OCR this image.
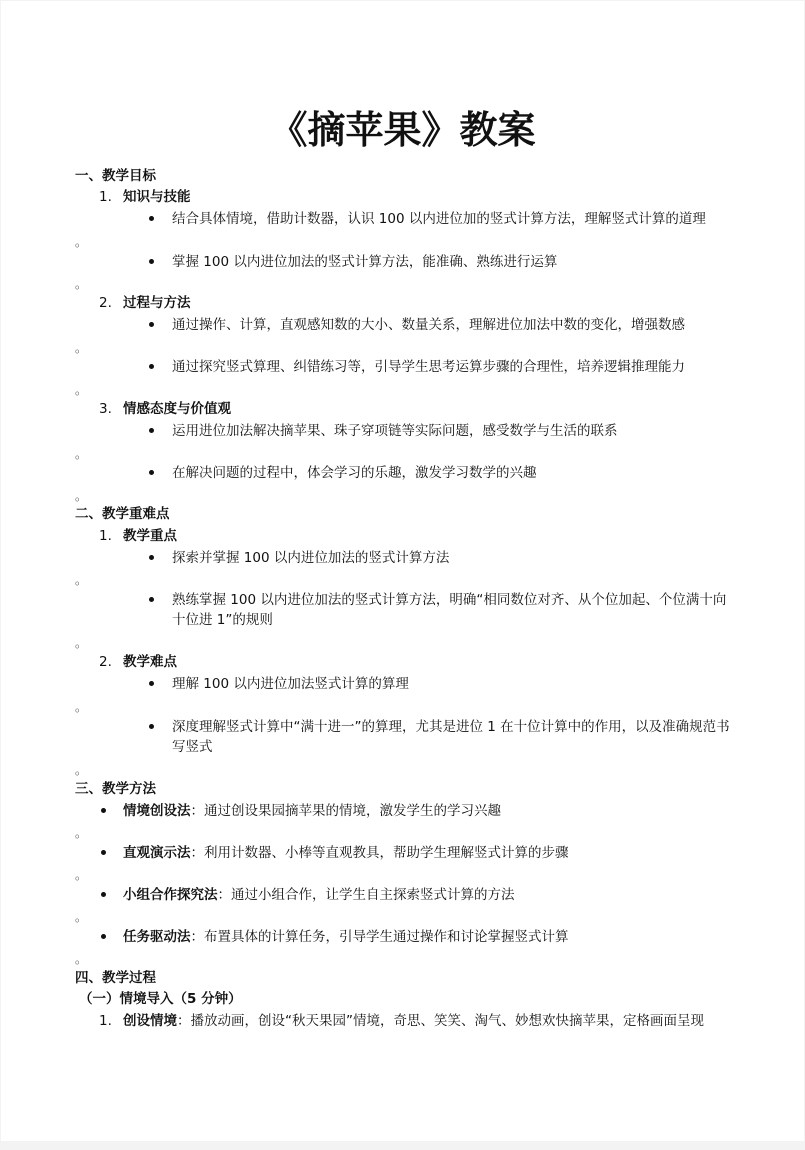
《摘苹果》教案
一、教学目标
1. 知识与技能
结合具体情境，借助计数器，认识 100 以内进位加的竖式计算方法，理解竖式计算的道理
。
掌握 100 以内进位加法的竖式计算方法，能准确、熟练进行运算
。
2. 过程与方法
通过操作、计算，直观感知数的大小、数量关系，理解进位加法中数的变化，增强数感
。
通过探究竖式算理、纠错练习等，引导学生思考运算步骤的合理性，培养逻辑推理能力
。
3. 情感态度与价值观
运用进位加法解决摘苹果、珠子穿项链等实际问题，感受数学与生活的联系
。
在解决问题的过程中，体会学习的乐趣，激发学习数学的兴趣
。
二、教学重难点
1. 教学重点
探索并掌握 100 以内进位加法的竖式计算方法
。
熟练掌握 100 以内进位加法的竖式计算方法，明确“相同数位对齐、从个位加起、个位满十向十位进 1”的规则
。
2. 教学难点
理解 100 以内进位加法竖式计算的算理
。
深度理解竖式计算中“满十进一”的算理，尤其是进位 1 在十位计算中的作用，以及准确规范书写竖式
。
三、教学方法
情境创设法：通过创设果园摘苹果的情境，激发学生的学习兴趣
。
直观演示法：利用计数器、小棒等直观教具，帮助学生理解竖式计算的步骤
。
小组合作探究法：通过小组合作，让学生自主探索竖式计算的方法
。
任务驱动法：布置具体的计算任务，引导学生通过操作和讨论掌握竖式计算
。
四、教学过程
（一）情境导入（5 分钟）
1. 创设情境：播放动画，创设“秋天果园”情境，奇思、笑笑、淘气、妙想欢快摘苹果，定格画面呈现
